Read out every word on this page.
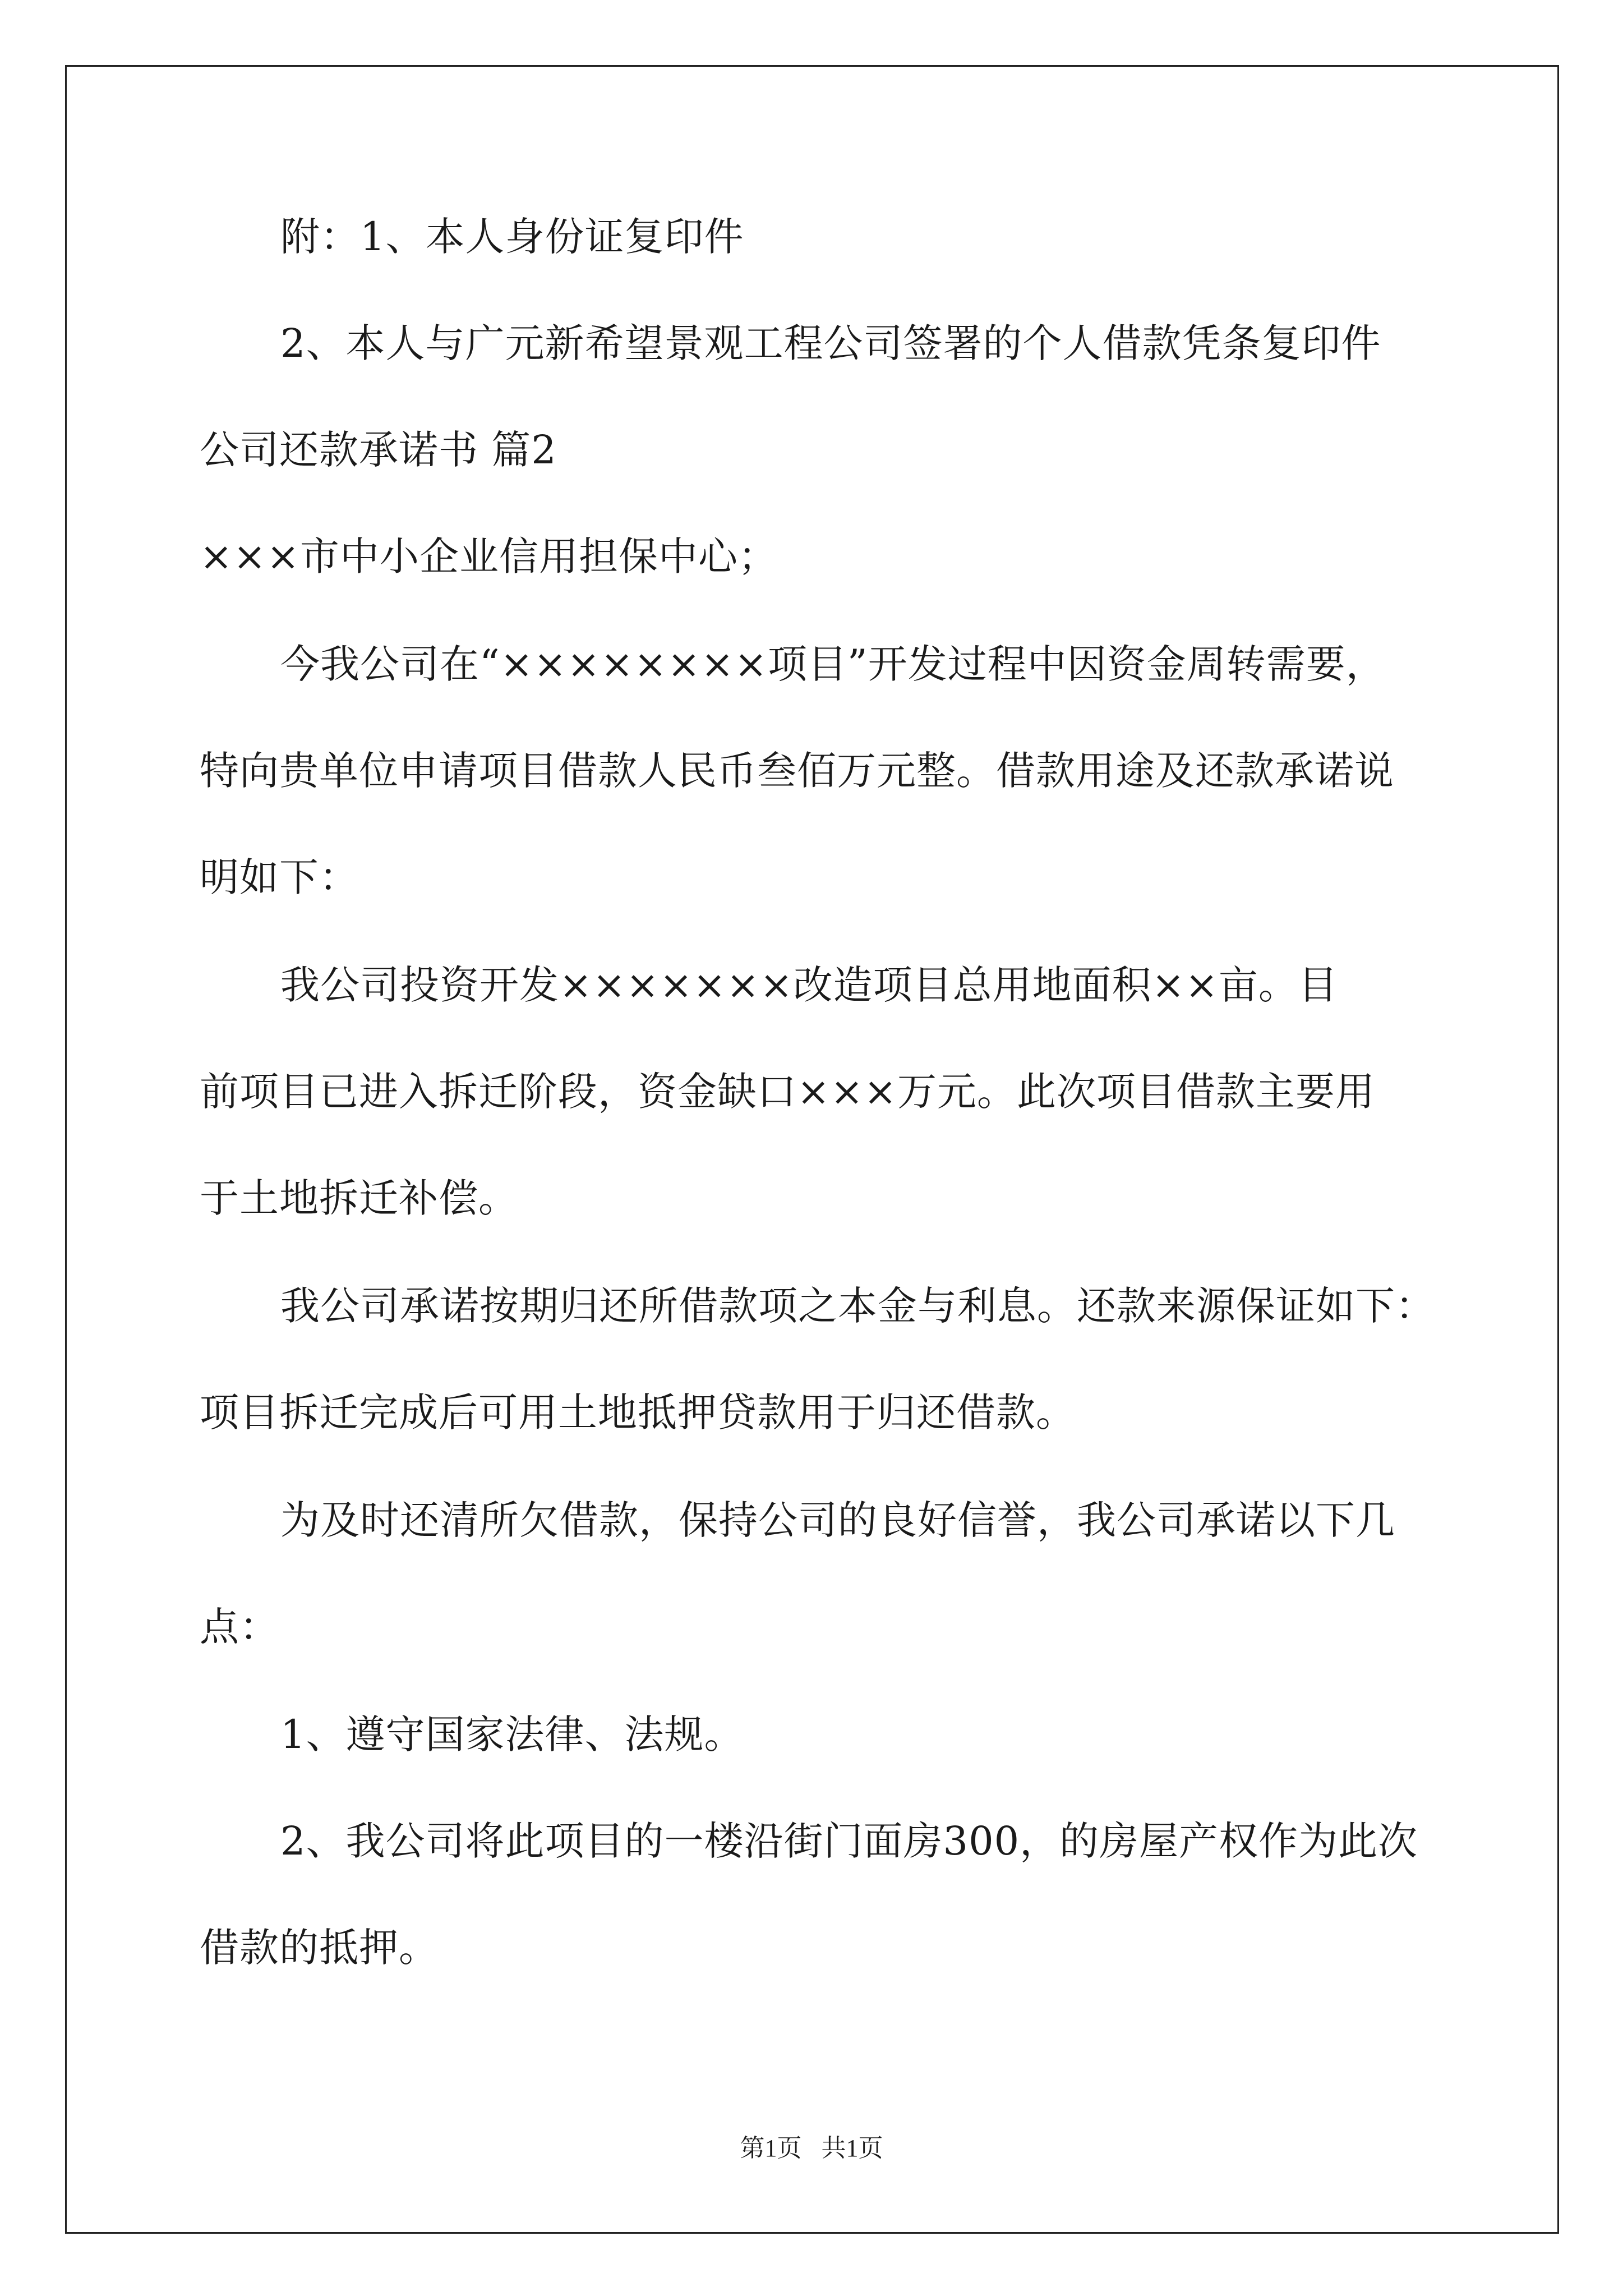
附：1、本人身份证复印件
2、本人与广元新希望景观工程公司签署的个人借款凭条复印件
公司还款承诺书 篇2
×××市中小企业信用担保中心；
今我公司在“××××××××项目”开发过程中因资金周转需要，
特向贵单位申请项目借款人民币叁佰万元整。借款用途及还款承诺说
明如下：
我公司投资开发×××××××改造项目总用地面积××亩。目
前项目已进入拆迁阶段，资金缺口×××万元。此次项目借款主要用
于土地拆迁补偿。
我公司承诺按期归还所借款项之本金与利息。还款来源保证如下：
项目拆迁完成后可用土地抵押贷款用于归还借款。
为及时还清所欠借款，保持公司的良好信誉，我公司承诺以下几
点：
1、遵守国家法律、法规。
2、我公司将此项目的一楼沿街门面房300，的房屋产权作为此次
借款的抵押。
第1页 共1页
